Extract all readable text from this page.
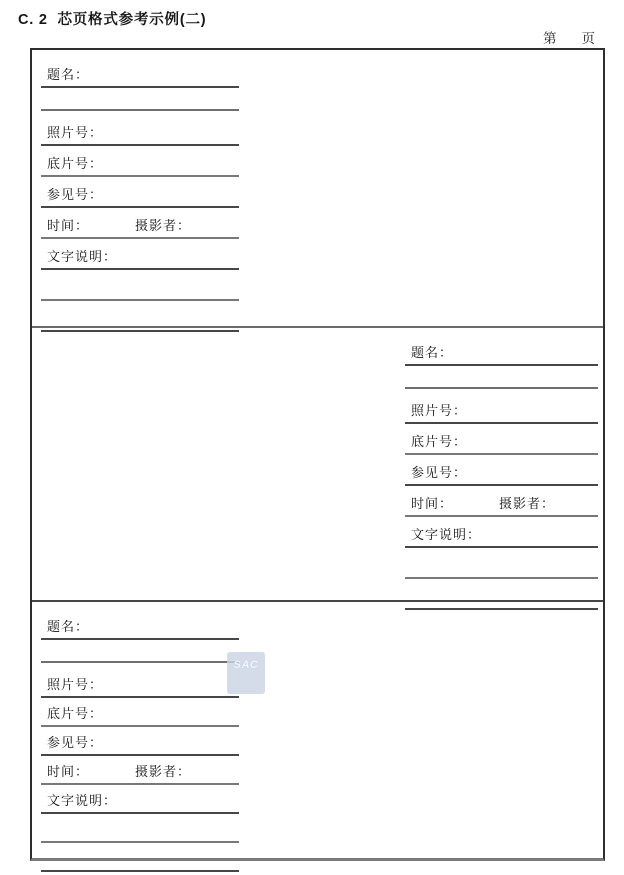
C. 2  芯页格式参考示例(二)
第 页
题名：
照片号：
底片号：
参见号：
时间：	摄影者：
文字说明：
题名：
照片号：
底片号：
参见号：
时间：	摄影者：
文字说明：
题名：
照片号：
底片号：
参见号：
时间：	摄影者：
文字说明：
SAC
